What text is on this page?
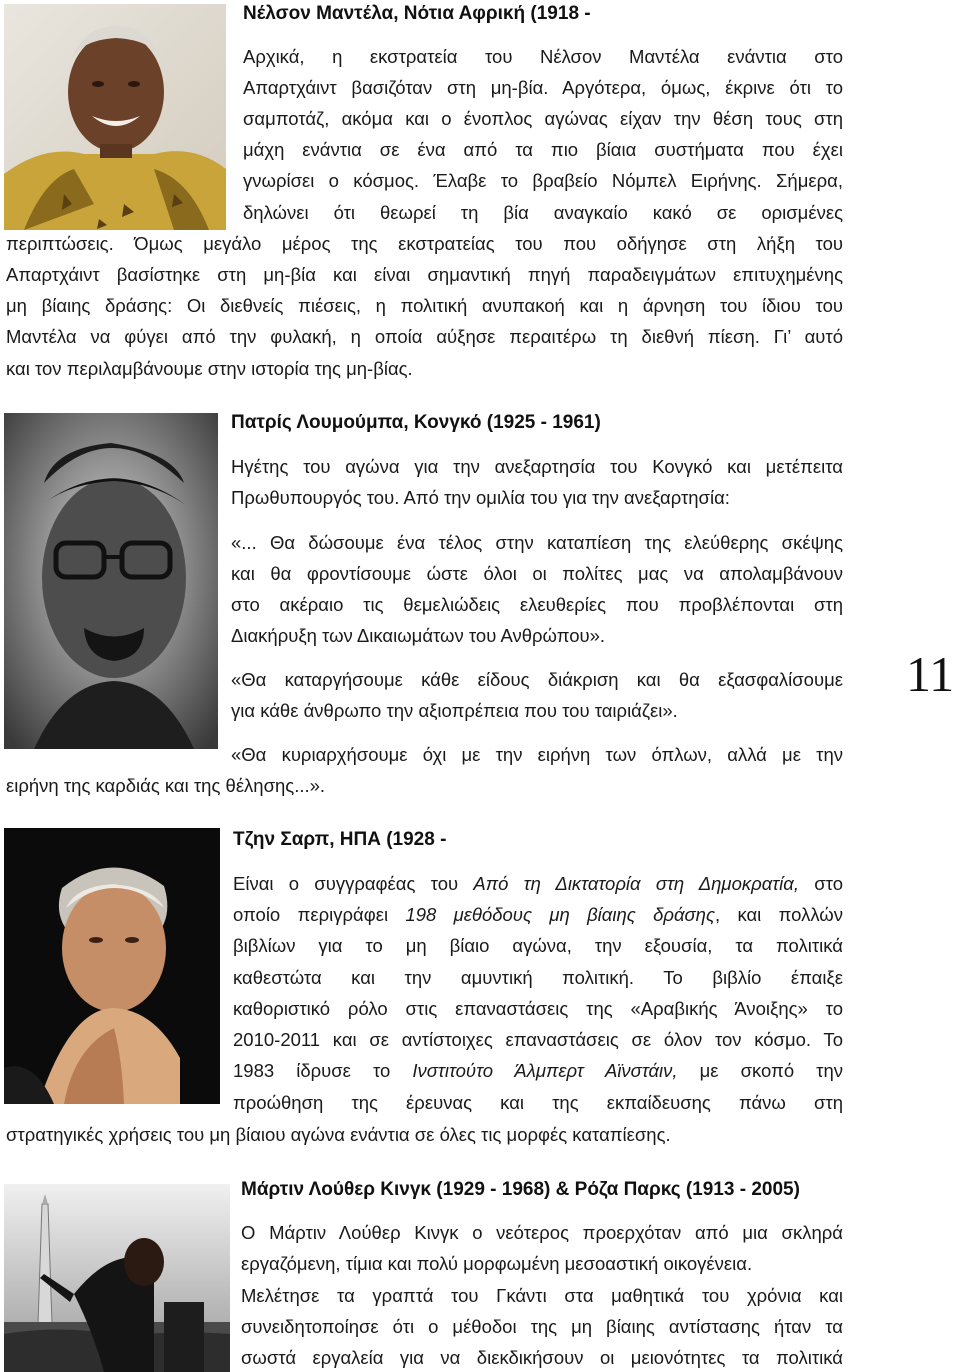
Νέλσον Μαντέλα, Νότια Αφρική (1918 -
Αρχικά, η εκστρατεία του Νέλσον Μαντέλα ενάντια στο
Απαρτχάιντ βασιζόταν στη μη-βία. Αργότερα, όμως, έκρινε ότι το
σαμποτάζ, ακόμα και ο ένοπλος αγώνας είχαν την θέση τους στη
μάχη ενάντια σε ένα από τα πιο βίαια συστήματα που έχει
γνωρίσει ο κόσμος. Έλαβε το βραβείο Νόμπελ Ειρήνης. Σήμερα,
δηλώνει ότι θεωρεί τη βία αναγκαίο κακό σε ορισμένες
περιπτώσεις. Όμως μεγάλο μέρος της εκστρατείας του που οδήγησε στη λήξη του
Απαρτχάιντ βασίστηκε στη μη-βία και είναι σημαντική πηγή παραδειγμάτων επιτυχημένης
μη βίαιης δράσης: Οι διεθνείς πιέσεις, η πολιτική ανυπακοή και η άρνηση του ίδιου του
Μαντέλα να φύγει από την φυλακή, η οποία αύξησε περαιτέρω τη διεθνή πίεση. Γι’ αυτό
και τον περιλαμβάνουμε στην ιστορία της μη-βίας.
Πατρίς Λουμούμπα, Κονγκό (1925 - 1961)
Ηγέτης του αγώνα για την ανεξαρτησία του Κονγκό και μετέπειτα
Πρωθυπουργός του. Από την ομιλία του για την ανεξαρτησία:
«... Θα δώσουμε ένα τέλος στην καταπίεση της ελεύθερης σκέψης
και θα φροντίσουμε ώστε όλοι οι πολίτες μας να απολαμβάνουν
στο ακέραιο τις θεμελιώδεις ελευθερίες που προβλέπονται στη
Διακήρυξη των Δικαιωμάτων του Ανθρώπου».
«Θα καταργήσουμε κάθε είδους διάκριση και θα εξασφαλίσουμε
για κάθε άνθρωπο την αξιοπρέπεια που του ταιριάζει».
«Θα κυριαρχήσουμε όχι με την ειρήνη των όπλων, αλλά με την
ειρήνη της καρδιάς και της θέλησης...».
Τζην Σαρπ, ΗΠΑ (1928 -
Είναι ο συγγραφέας του Από τη Δικτατορία στη Δημοκρατία, στο
οποίο περιγράφει 198 μεθόδους μη βίαιης δράσης, και πολλών
βιβλίων για το μη βίαιο αγώνα, την εξουσία, τα πολιτικά
καθεστώτα και την αμυντική πολιτική. Το βιβλίο έπαιξε
καθοριστικό ρόλο στις επαναστάσεις της «Αραβικής Άνοιξης» το
2010-2011 και σε αντίστοιχες επαναστάσεις σε όλον τον κόσμο. Το
1983 ίδρυσε το Ινστιτούτο Άλμπερτ Αϊνστάιν, με σκοπό την
προώθηση της έρευνας και της εκπαίδευσης πάνω στη
στρατηγικές χρήσεις του μη βίαιου αγώνα ενάντια σε όλες τις μορφές καταπίεσης.
Μάρτιν Λούθερ Κινγκ (1929 - 1968) & Ρόζα Παρκς (1913 - 2005)
Ο Μάρτιν Λούθερ Κινγκ ο νεότερος προερχόταν από μια σκληρά
εργαζόμενη, τίμια και πολύ μορφωμένη μεσοαστική οικογένεια.
Μελέτησε τα γραπτά του Γκάντι στα μαθητικά του χρόνια και
συνειδητοποίησε ότι ο μέθοδοι της μη βίαιης αντίστασης ήταν τα
σωστά εργαλεία για να διεκδικήσουν οι μειονότητες τα πολιτικά
11
